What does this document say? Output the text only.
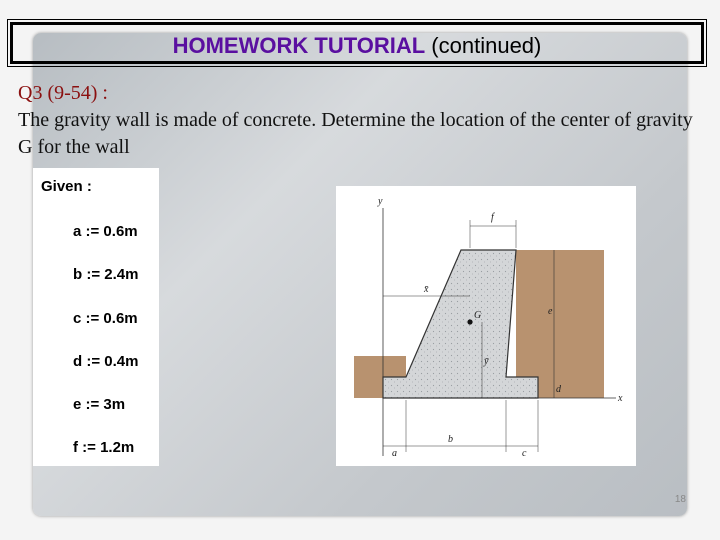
HOMEWORK TUTORIAL (continued)
Q3 (9-54) :
The gravity wall is made of concrete. Determine the location of the center of gravity G for the wall
Given :
a := 0.6m
b := 2.4m
c := 0.6m
d := 0.4m
e := 3m
f := 1.2m
y
x
f
e
d
G
x̄
ȳ
a
b
c
18
